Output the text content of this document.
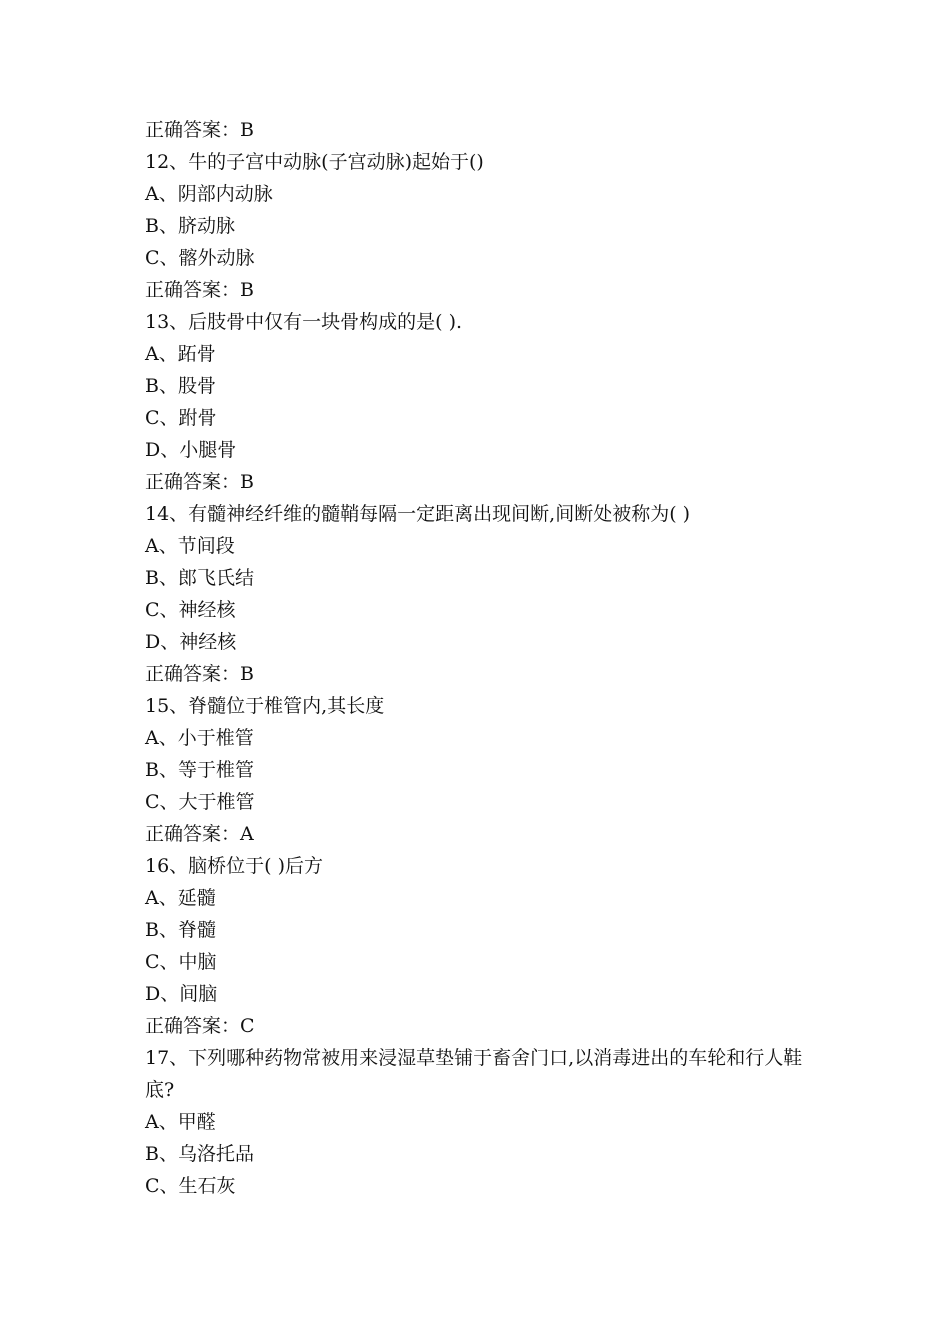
正确答案：B
12、牛的子宫中动脉(子宫动脉)起始于()
A、阴部内动脉
B、脐动脉
C、髂外动脉
正确答案：B
13、后肢骨中仅有一块骨构成的是( ).
A、跖骨
B、股骨
C、跗骨
D、小腿骨
正确答案：B
14、有髓神经纤维的髓鞘每隔一定距离出现间断,间断处被称为( )
A、节间段
B、郎飞氏结
C、神经核
D、神经核
正确答案：B
15、脊髓位于椎管内,其长度
A、小于椎管
B、等于椎管
C、大于椎管
正确答案：A
16、脑桥位于( )后方
A、延髓
B、脊髓
C、中脑
D、间脑
正确答案：C
17、下列哪种药物常被用来浸湿草垫铺于畜舍门口,以消毒进出的车轮和行人鞋底?
A、甲醛
B、乌洛托品
C、生石灰
